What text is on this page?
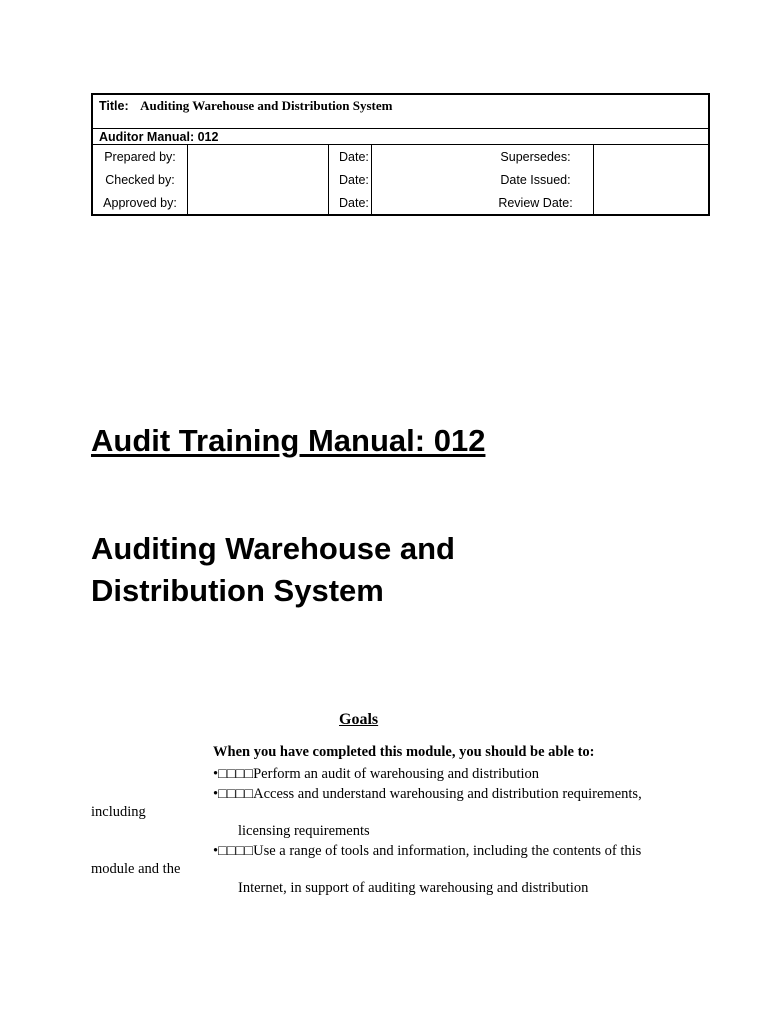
Title: Auditing Warehouse and Distribution System					
Auditor Manual: 012					
Prepared by:		Date:		Supersedes:	
Checked by:		Date:		Date Issued:	
Approved by:		Date:		Review Date:	
Audit Training Manual: 012
Auditing Warehouse and
Distribution System
Goals
When you have completed this module, you should be able to:
•□□□□Perform an audit of warehousing and distribution
•□□□□Access and understand warehousing and distribution requirements,
including
licensing requirements
•□□□□Use a range of tools and information, including the contents of this
module and the
Internet, in support of auditing warehousing and distribution
